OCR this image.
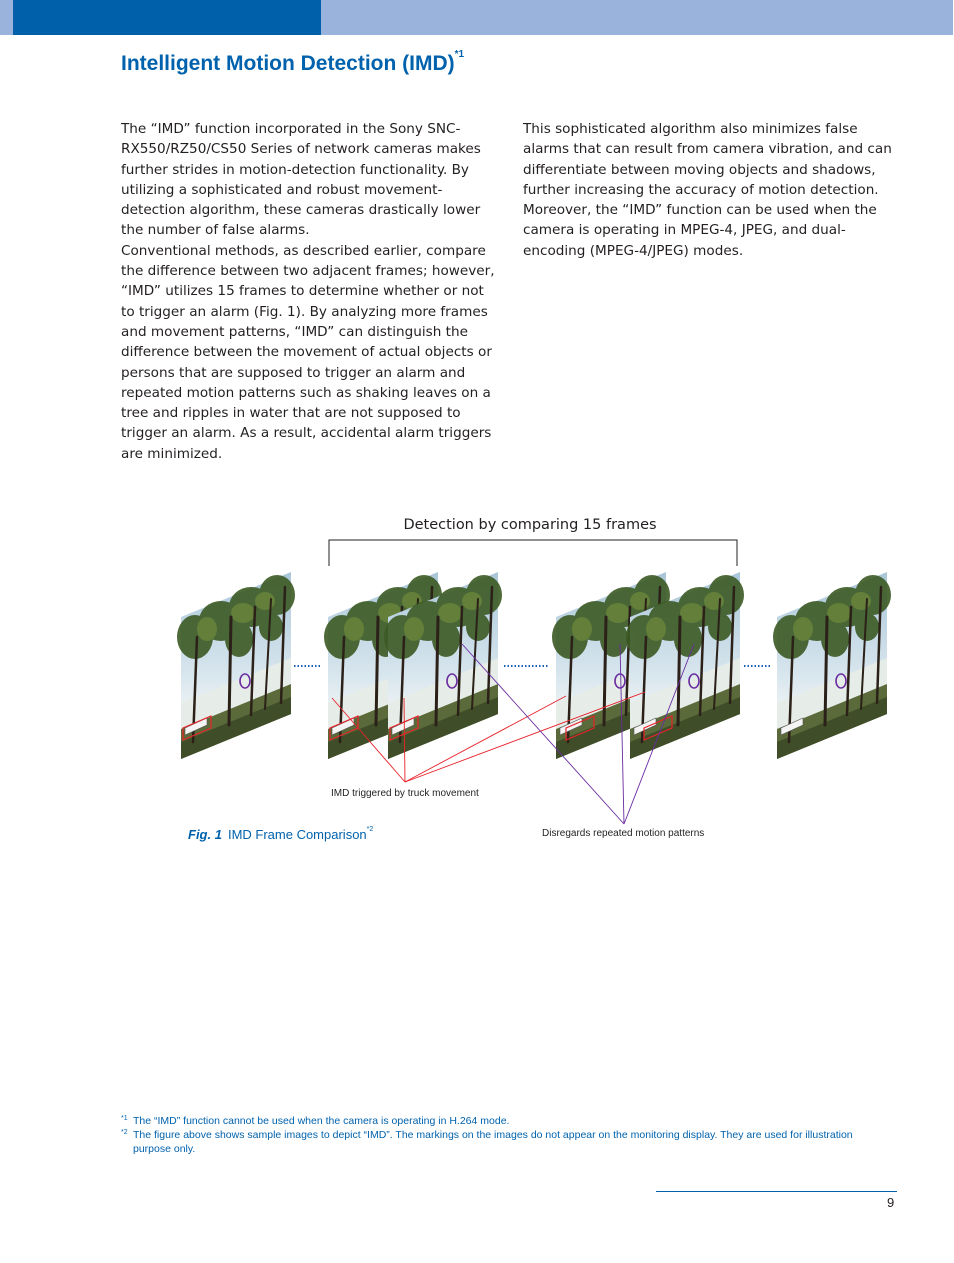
Intelligent Motion Detection (IMD)$^{*1}$

The “IMD” function incorporated in the Sony SNC-RX550/RZ50/CS50 Series of network cameras makes further strides in motion-detection functionality. By utilizing a sophisticated and robust movement-detection algorithm, these cameras drastically lower the number of false alarms.

Conventional methods, as described earlier, compare the difference between two adjacent frames; however, “IMD” utilizes 15 frames to determine whether or not to trigger an alarm (Fig. 1). By analyzing more frames and movement patterns, “IMD” can distinguish the difference between the movement of actual objects or persons that are supposed to trigger an alarm and repeated motion patterns such as shaking leaves on a tree and ripples in water that are not supposed to trigger an alarm. As a result, accidental alarm triggers are minimized.

This sophisticated algorithm also minimizes false alarms that can result from camera vibration, and can differentiate between moving objects and shadows, further increasing the accuracy of motion detection. Moreover, the “IMD” function can be used when the camera is operating in MPEG-4, JPEG, and dual-encoding (MPEG-4/JPEG) modes.

Detection by comparing 15 frames
IMD triggered by truck movement
Disregards repeated motion patterns
Fig. 1 IMD Frame Comparison$^{*2}$
*1 The “IMD” function cannot be used when the camera is operating in H.264 mode.
*2 The figure above shows sample images to depict “IMD”. The markings on the images do not appear on the monitoring display. They are used for illustration purpose only.
9
